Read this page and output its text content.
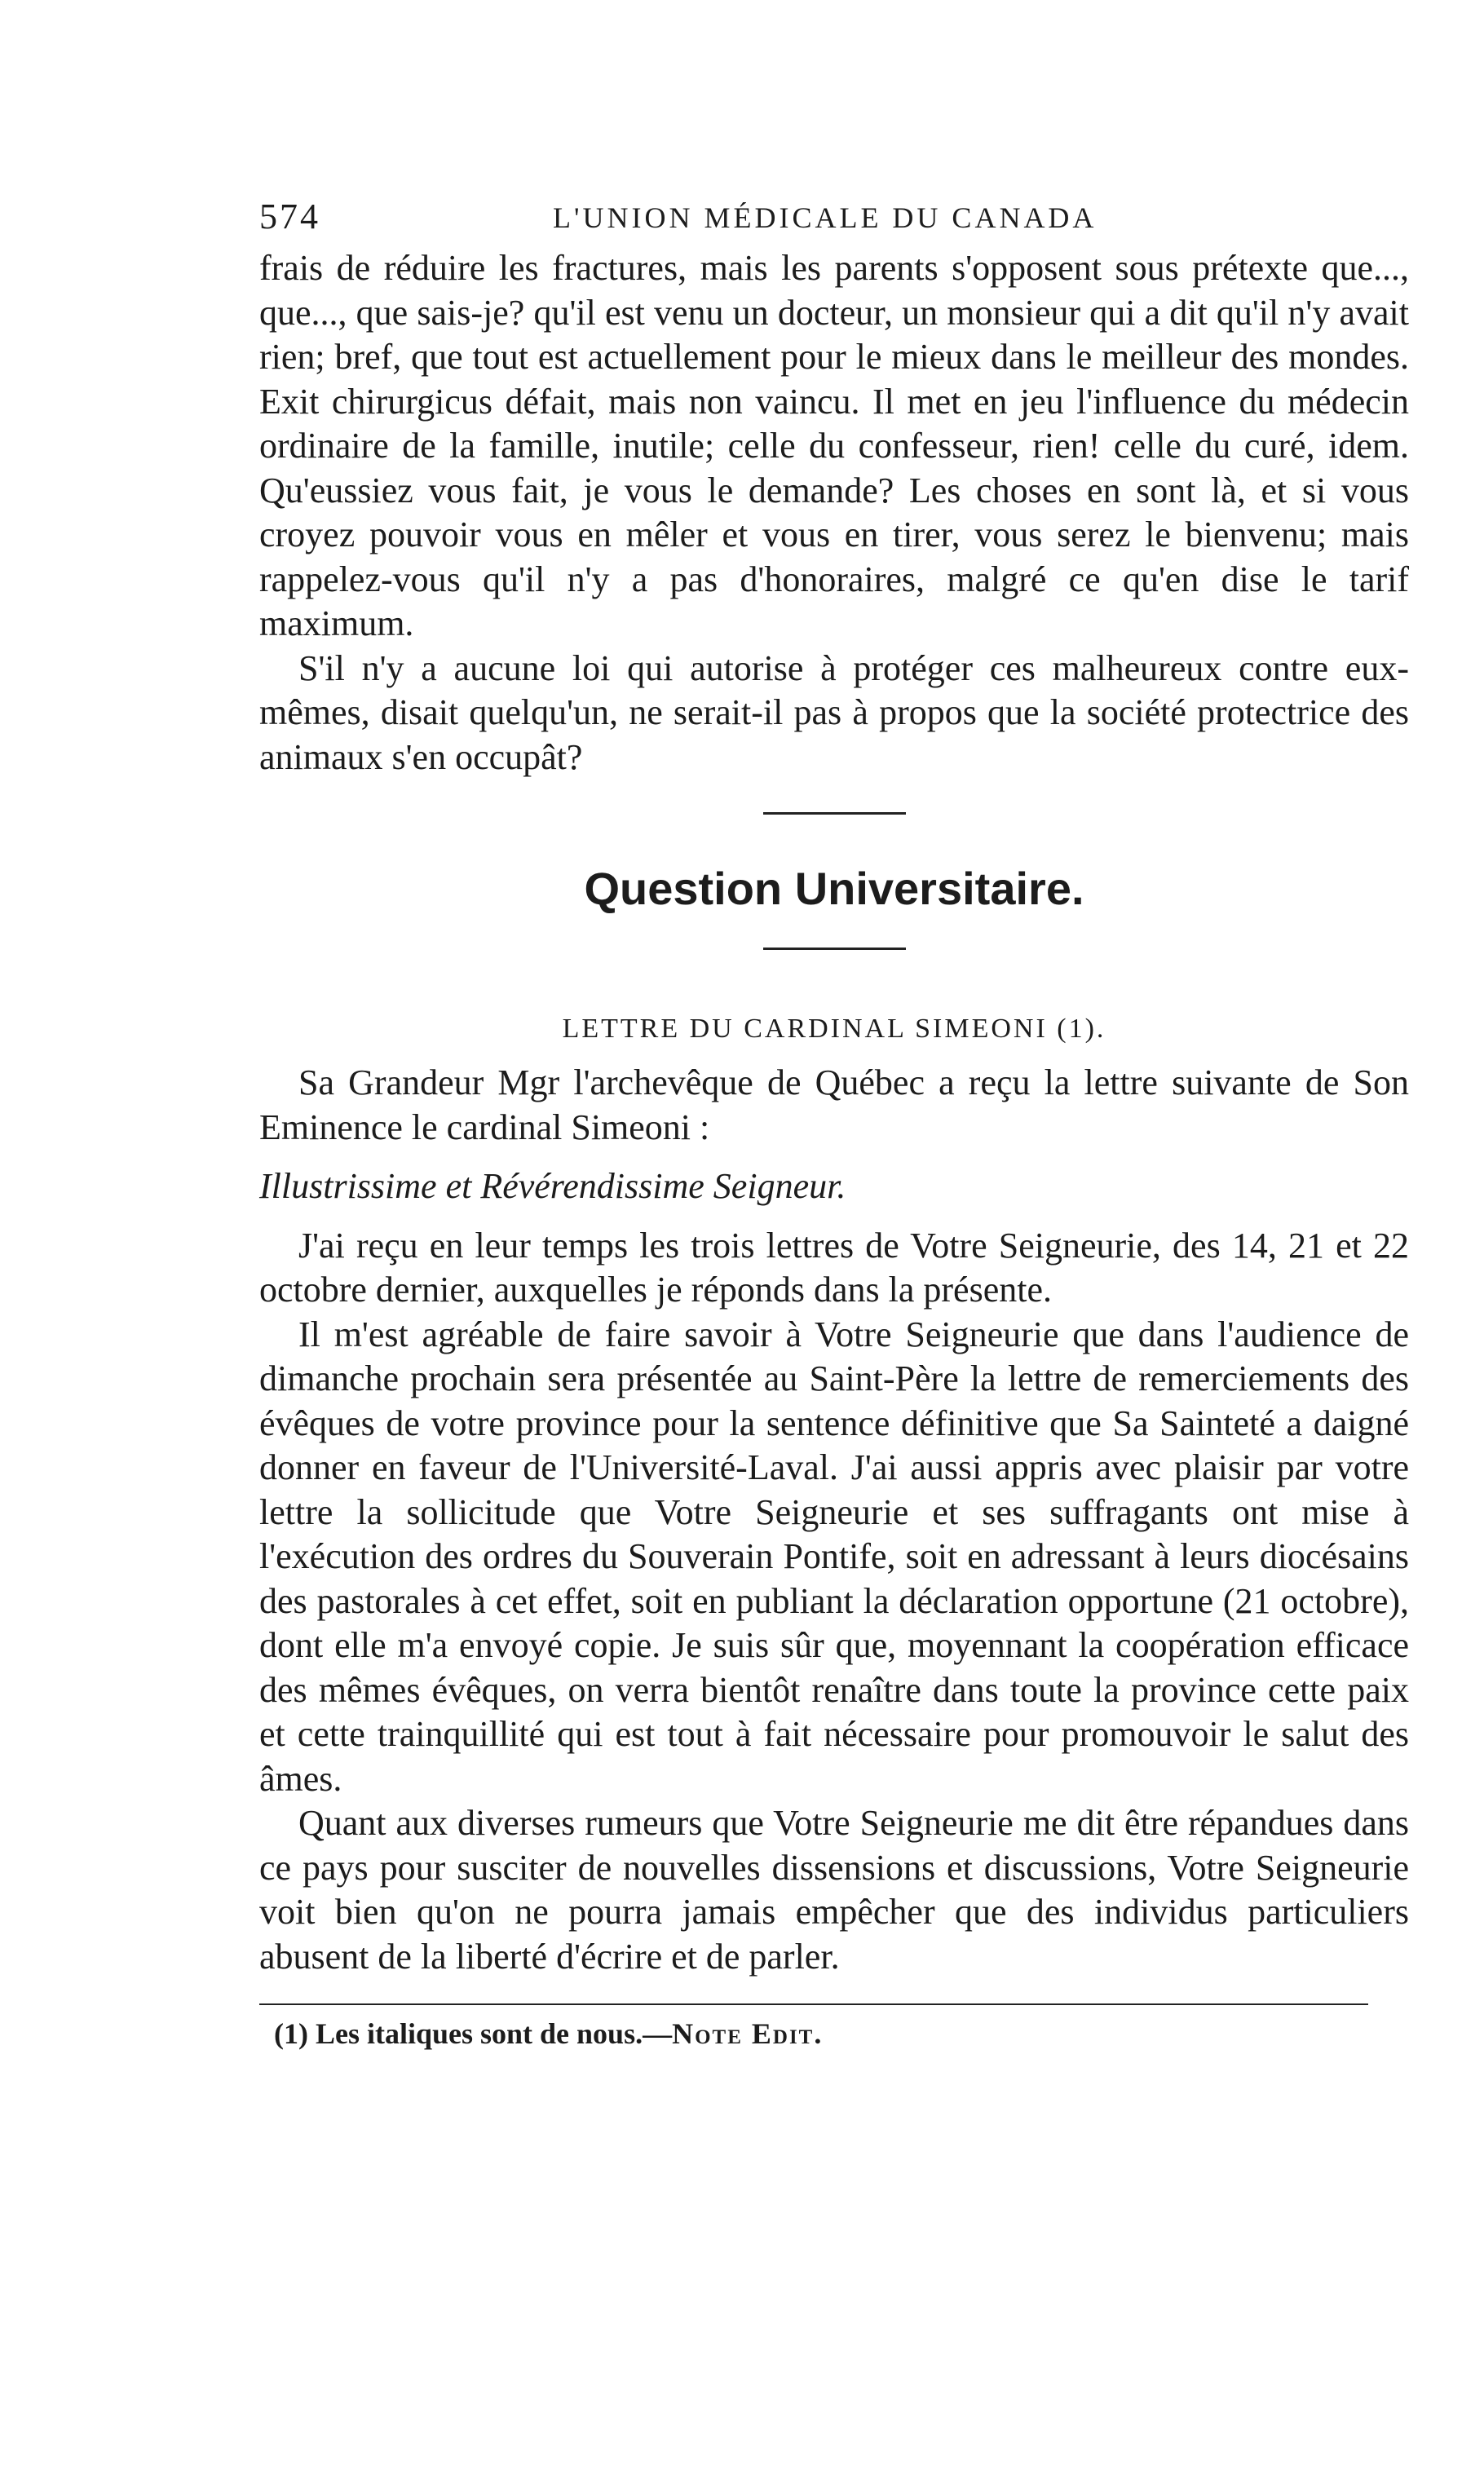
574	L'UNION MÉDICALE DU CANADA

frais de réduire les fractures, mais les parents s'opposent sous prétexte que..., que..., que sais-je? qu'il est venu un docteur, un monsieur qui a dit qu'il n'y avait rien; bref, que tout est actuellement pour le mieux dans le meilleur des mondes. Exit chirurgicus défait, mais non vaincu. Il met en jeu l'influence du médecin ordinaire de la famille, inutile; celle du confesseur, rien! celle du curé, idem. Qu'eussiez vous fait, je vous le demande? Les choses en sont là, et si vous croyez pouvoir vous en mêler et vous en tirer, vous serez le bienvenu; mais rappelez-vous qu'il n'y a pas d'honoraires, malgré ce qu'en dise le tarif maximum.

S'il n'y a aucune loi qui autorise à protéger ces malheureux contre eux-mêmes, disait quelqu'un, ne serait-il pas à propos que la société protectrice des animaux s'en occupât?

Question Universitaire.
LETTRE DU CARDINAL SIMEONI (1).

Sa Grandeur Mgr l'archevêque de Québec a reçu la lettre suivante de Son Eminence le cardinal Simeoni :

Illustrissime et Révérendissime Seigneur.

J'ai reçu en leur temps les trois lettres de Votre Seigneurie, des 14, 21 et 22 octobre dernier, auxquelles je réponds dans la présente.

Il m'est agréable de faire savoir à Votre Seigneurie que dans l'audience de dimanche prochain sera présentée au Saint-Père la lettre de remerciements des évêques de votre province pour la sentence définitive que Sa Sainteté a daigné donner en faveur de l'Université-Laval. J'ai aussi appris avec plaisir par votre lettre la sollicitude que Votre Seigneurie et ses suffragants ont mise à l'exécution des ordres du Souverain Pontife, soit en adressant à leurs diocésains des pastorales à cet effet, soit en publiant la déclaration opportune (21 octobre), dont elle m'a envoyé copie. Je suis sûr que, moyennant la coopération efficace des mêmes évêques, on verra bientôt renaître dans toute la province cette paix et cette trainquillité qui est tout à fait nécessaire pour promouvoir le salut des âmes.

Quant aux diverses rumeurs que Votre Seigneurie me dit être répandues dans ce pays pour susciter de nouvelles dissensions et discussions, Votre Seigneurie voit bien qu'on ne pourra jamais empêcher que des individus particuliers abusent de la liberté d'écrire et de parler.

(1) Les italiques sont de nous.—Note Edit.
